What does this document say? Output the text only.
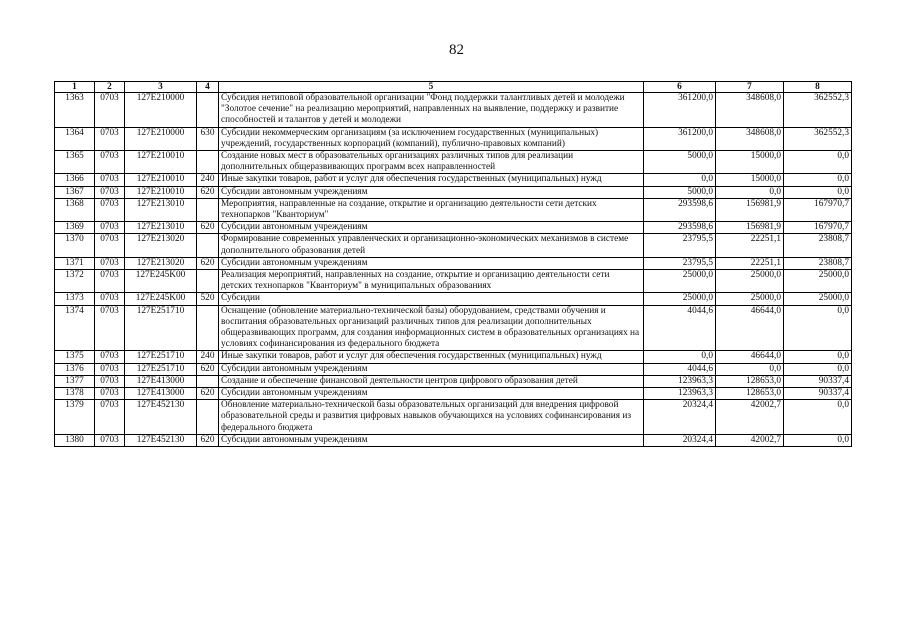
82
1	2	3	4	5	6	7	8
1363	0703	127E210000		Субсидия нетиповой образовательной организации "Фонд поддержки талантливых детей и молодежи "Золотое сечение" на реализацию мероприятий, направленных на выявление, поддержку и развитие способностей и талантов у детей и молодежи	361200,0	348608,0	362552,3
1364	0703	127E210000	630	Субсидии некоммерческим организациям (за исключением государственных (муниципальных) учреждений, государственных корпораций (компаний), публично-правовых компаний)	361200,0	348608,0	362552,3
1365	0703	127E210010		Создание новых мест в образовательных организациях различных типов для реализации дополнительных общеразвивающих программ всех направленностей	5000,0	15000,0	0,0
1366	0703	127E210010	240	Иные закупки товаров, работ и услуг для обеспечения государственных (муниципальных) нужд	0,0	15000,0	0,0
1367	0703	127E210010	620	Субсидии автономным учреждениям	5000,0	0,0	0,0
1368	0703	127E213010		Мероприятия, направленные на создание, открытие и организацию деятельности сети детских технопарков "Кванториум"	293598,6	156981,9	167970,7
1369	0703	127E213010	620	Субсидии автономным учреждениям	293598,6	156981,9	167970,7
1370	0703	127E213020		Формирование современных управленческих и организационно-экономических механизмов в системе дополнительного образования детей	23795,5	22251,1	23808,7
1371	0703	127E213020	620	Субсидии автономным учреждениям	23795,5	22251,1	23808,7
1372	0703	127E245K00		Реализация мероприятий, направленных на создание, открытие и организацию деятельности сети детских технопарков "Кванториум" в муниципальных образованиях	25000,0	25000,0	25000,0
1373	0703	127E245K00	520	Субсидии	25000,0	25000,0	25000,0
1374	0703	127E251710		Оснащение (обновление материально-технической базы) оборудованием, средствами обучения и воспитания образовательных организаций различных типов для реализации дополнительных общеразвивающих программ, для создания информационных систем в образовательных организациях на условиях софинансирования из федерального бюджета	4044,6	46644,0	0,0
1375	0703	127E251710	240	Иные закупки товаров, работ и услуг для обеспечения государственных (муниципальных) нужд	0,0	46644,0	0,0
1376	0703	127E251710	620	Субсидии автономным учреждениям	4044,6	0,0	0,0
1377	0703	127E413000		Создание и обеспечение финансовой деятельности центров цифрового образования детей	123963,3	128653,0	90337,4
1378	0703	127E413000	620	Субсидии автономным учреждениям	123963,3	128653,0	90337,4
1379	0703	127E452130		Обновление материально-технической базы образовательных организаций для внедрения цифровой образовательной среды и развития цифровых навыков обучающихся на условиях софинансирования из федерального бюджета	20324,4	42002,7	0,0
1380	0703	127E452130	620	Субсидии автономным учреждениям	20324,4	42002,7	0,0
